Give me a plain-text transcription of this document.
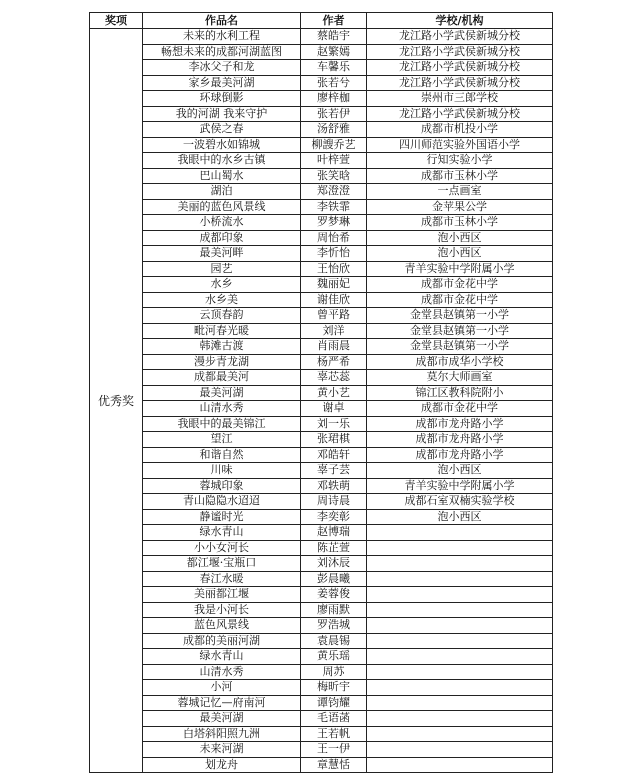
奖项	作品名	作者	学校/机构
优秀奖	未来的水利工程	蔡皓宇	龙江路小学武侯新城分校
	畅想未来的成都河湖蓝图	赵繁嫣	龙江路小学武侯新城分校
	李冰父子和龙	车馨乐	龙江路小学武侯新城分校
	家乡最美河湖	张若兮	龙江路小学武侯新城分校
	环球倒影	廖梓枷	崇州市三郎学校
	我的河湖 我来守护	张若伊	龙江路小学武侯新城分校
	武侯之春	汤舒雅	成都市机投小学
	一波碧水如锦城	柳謏乔艺	四川师范实验外国语小学
	我眼中的水乡古镇	叶梓萱	行知实验小学
	巴山蜀水	张笑晗	成都市玉林小学
	湖泊	郑澄澄	一点画室
	美丽的蓝色风景线	李铁霏	金苹果公学
	小桥流水	罗梦琳	成都市玉林小学
	成都印象	周怡希	泡小西区
	最美河畔	李忻怡	泡小西区
	园艺	王怡欣	青羊实验中学附属小学
	水乡	魏丽妃	成都市金花中学
	水乡美	谢佳欣	成都市金花中学
	云顶春韵	曾平路	金堂县赵镇第一小学
	毗河春光暖	刘洋	金堂县赵镇第一小学
	韩滩古渡	肖雨晨	金堂县赵镇第一小学
	漫步青龙湖	杨严希	成都市成华小学校
	成都最美河	辜芯蕊	莫尔大师画室
	最美河湖	黄小艺	锦江区教科院附小
	山清水秀	谢卓	成都市金花中学
	我眼中的最美锦江	刘一乐	成都市龙舟路小学
	望江	张珺棋	成都市龙舟路小学
	和谐自然	邓皓轩	成都市龙舟路小学
	川味	辜子芸	泡小西区
	蓉城印象	邓轶萌	青羊实验中学附属小学
	青山隐隐水迢迢	周诗晨	成都石室双楠实验学校
	静谧时光	李奕彰	泡小西区
	绿水青山	赵博瑞	
	小小女河长	陈芷萱	
	都江堰·宝瓶口	刘沐辰	
	春江水暖	彭晨曦	
	美丽都江堰	姜蓉俊	
	我是小河长	廖雨默	
	蓝色风景线	罗浩城	
	成都的美丽河湖	袁晨锡	
	绿水青山	黄乐瑶	
	山清水秀	周苏	
	小河	梅昕宇	
	蓉城记忆—府南河	谭钧耀	
	最美河湖	毛语菡	
	白塔斜阳照九洲	王若帆	
	未来河湖	王一伊	
	划龙舟	章慧恬	
